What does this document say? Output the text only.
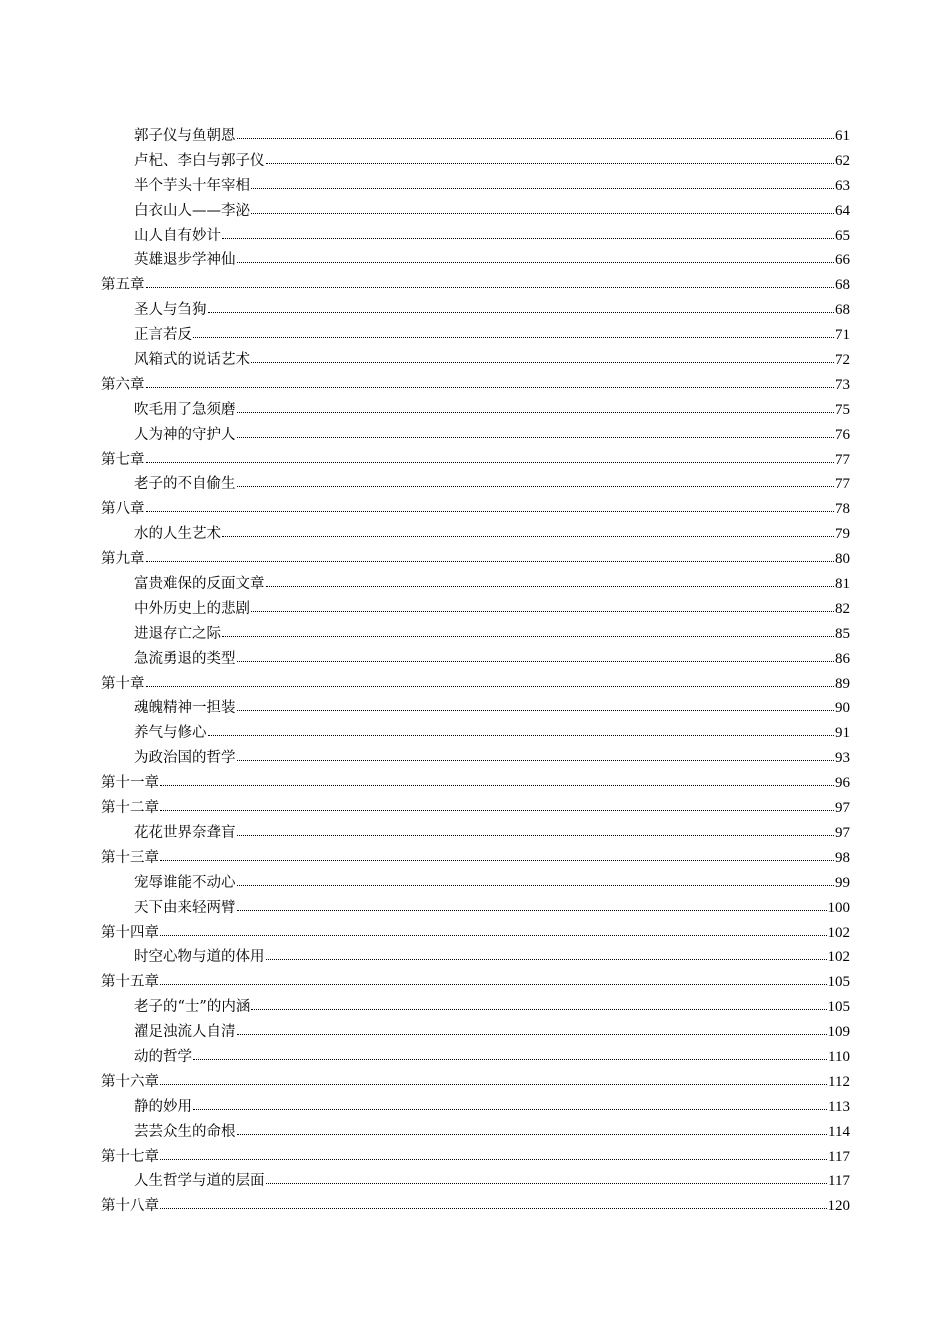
郭子仪与鱼朝恩	61
卢杞、李白与郭子仪	62
半个芋头十年宰相	63
白衣山人——李泌	64
山人自有妙计	65
英雄退步学神仙	66
第五章	68
圣人与刍狗	68
正言若反	71
风箱式的说话艺术	72
第六章	73
吹毛用了急须磨	75
人为神的守护人	76
第七章	77
老子的不自偷生	77
第八章	78
水的人生艺术	79
第九章	80
富贵难保的反面文章	81
中外历史上的悲剧	82
进退存亡之际	85
急流勇退的类型	86
第十章	89
魂魄精神一担装	90
养气与修心	91
为政治国的哲学	93
第十一章	96
第十二章	97
花花世界奈聋盲	97
第十三章	98
宠辱谁能不动心	99
天下由来轻两臂	100
第十四章	102
时空心物与道的体用	102
第十五章	105
老子的“士”的内涵	105
濯足浊流人自清	109
动的哲学	110
第十六章	112
静的妙用	113
芸芸众生的命根	114
第十七章	117
人生哲学与道的层面	117
第十八章	120
